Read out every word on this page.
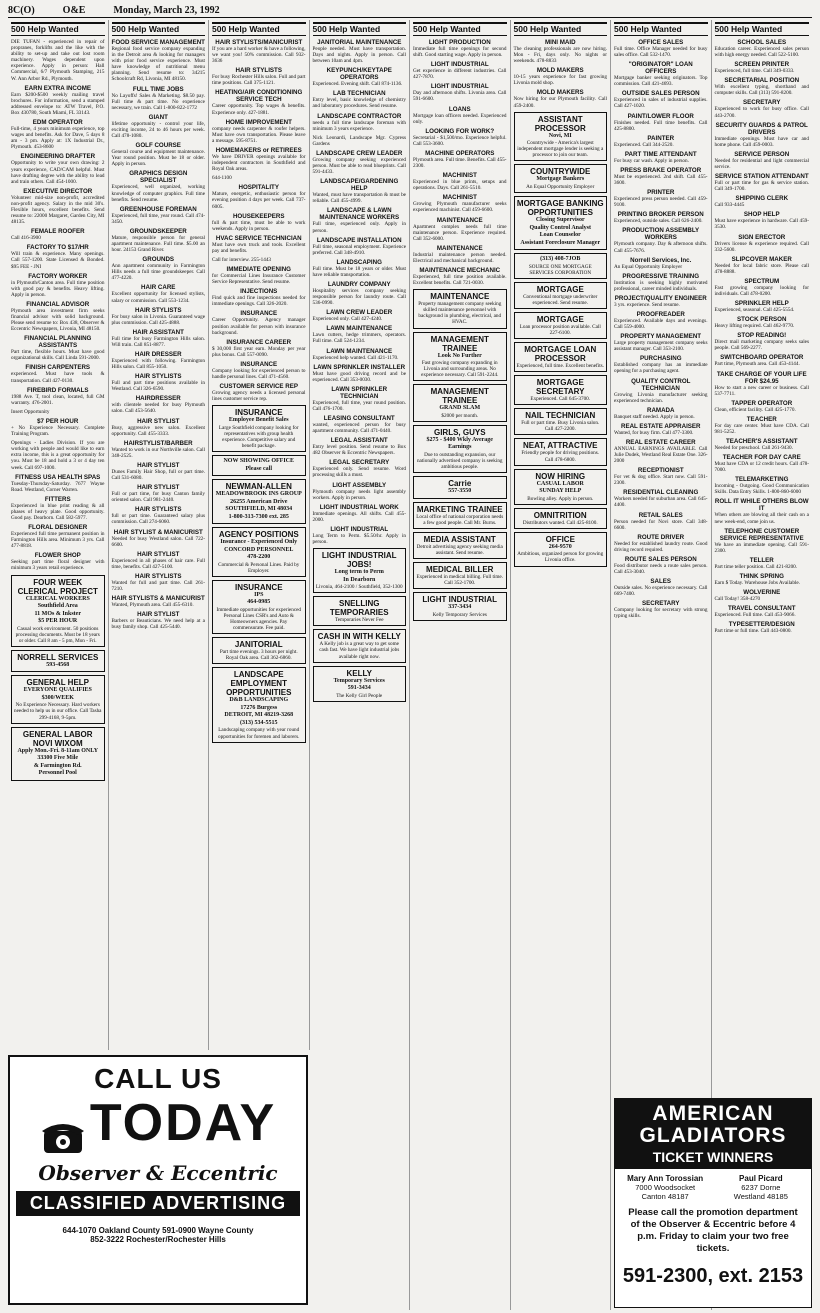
8C(O)	O&E	Monday, March 23, 1992
500 Help Wanted

DIE TUFAN - experienced in repair of propranes, forklifts and the like with the ability to set-up and take out lost room machinery. Wages dependent upon experience. Apply in person: Hall Commercial, 6/7 Plymouth Stamping, 215 W. Ann Arbor Rd., Plymouth.

EARN EXTRA INCOME

Earn $200-$500 weekly mailing travel brochures. For information, send a stamped addressed envelope to: ATW Travel, P.O. Box 430780, South Miami, FL 33143.

EDM OPERATOR

Full-time, 4 years minimum experience, top wages and benefits. Ask for Dave, 5 days 8 am - 3 pm. Apply at: 1X Industrial Dr., Plymouth. 453-8600

ENGINEERING DRAFTER

Opportunity to write your own drawing: 2 years experience, CAD/CAM helpful. Must have drafting degree with the ability to lead and train others. Call 454-1000.

EXECUTIVE DIRECTOR

Volunteer mid-size non-profit, accredited non-profit agency. Salary in the mid 30's. Flexible hours, excellent benefits. Send resume to: 22000 Margaret, Garden City, MI 48135.

FEMALE ROOFER

Call 416-3900

FACTORY TO $17/HR

Will train & experience. Many openings. Call 557-1200. State Licensed & Bonded. $95 FEE - JNI

FACTORY WORKER

in Plymouth/Canton area. Full time position with good pay & benefits. Heavy lifting. Apply in person.

FINANCIAL ADVISOR

Plymouth area investment firm seeks financial advisor with solid background. Please send resume to: Box 438, Observer & Eccentric Newspapers, Livonia, MI 48150.

FINANCIAL PLANNING ASSISTANTS

Part time, flexible hours. Must have good organizational skills. Call Linda 591-2000.

FINISH CARPENTERS

experienced. Must have tools & transportation. Call 427-0130.

FIREBIRD FORMALS

1988 Ave. T, tool clean, located, full GM warranty. 476-2001.

Insert Opportunity

$7 PER HOUR

+ No Experience Necessary. Complete Training Program.

Openings - Ladies Division. If you are working with people and would like to earn extra income, this is a great opportunity for you. Must be 18 and hold a 3 or 4 day ten week. Call 697-1000.

FITNESS USA HEALTH SPAS

Tuesday-Thursday-Saturday. 7677 Wayne Road. Westland, Corner Warren.

FITTERS

Experienced in blue print reading & all phases of heavy plate. Good opportunity. Good pay. Dearborn. Call 582-5977.

FLORAL DESIGNER

Experienced full time permanent position in Farmington Hills area. Minimum 3 yrs. Call 477-8818.

FLOWER SHOP

Seeking part time floral designer with minimum 3 years retail experience.

FOUR WEEK CLERICAL PROJECT
CLERICAL WORKERS
Southfield Area
11 MOs & Inkster
$5 PER HOUR
Casual work environment. 50 positions processing documents. Must be 18 years or older. Call 8 am - 5 pm, Mon - Fri.
NORRELL SERVICES
593-4568
GENERAL HELP
EVERYONE QUALIFIES
$300/WEEK
No Experience Necessary. Hard workers needed to help us in our office. Call Tasha 299-4168, 9-5pm.
GENERAL LABOR NOVI WIXOM
Apply Mon.-Fri. 8-11am ONLY
33300 Five Mile
& Farmington Rd.
Personnel Pool
500 Help Wanted
FOOD SERVICE MANAGEMENT

Regional food service company expanding in the Detroit area & looking for managers with prior food service experience. Must have knowledge of nutritional menu planning. Send resume to: 34215 Schoolcraft Rd, Livonia, MI 48150.

FULL TIME JOBS

No Layoffs! Sales & Marketing. $8.50 pay. Full time & part time. No experience necessary, we train. Call 1-800-822-1772

GIANT

lifetime opportunity - control your life, exciting income, 24 to 46 hours per week. Call 478-1080.

GOLF COURSE

General course and equipment maintenance. Year round position. Must be 18 or older. Apply in person.

GRAPHICS DESIGN SPECIALIST

Experienced, well organized, working knowledge of computer graphics. Full time benefits. Send resume.

GREENHOUSE FOREMAN

Experienced, full time, year round. Call 474-3450.

GROUNDSKEEPER

Mature, responsible person for general apartment maintenance. Full time. $5.00 an hour. 24153 Grand River.

GROUNDS

Ann apartment community in Farmington Hills needs a full time groundskeeper. Call 477-4220.

HAIR CARE

Excellent opportunity for licensed stylists, salary or commission. Call 553-1234.

HAIR STYLISTS

For busy salon in Livonia. Guaranteed wage plus commission. Call 425-4888.

HAIR ASSISTANT

Full time for busy Farmington Hills salon. Will train. Call 851-8877.

HAIR DRESSER

Experienced with following. Farmington Hills salon. Call 855-1050.

HAIR STYLISTS

Full and part time positions available in Westland. Call 326-6590.

HAIRDRESSER

with clientele needed for busy Plymouth salon. Call 453-5640.

HAIR STYLIST

Busy, aggressive new salon. Excellent opportunity. Call 455-3333.

HAIRSTYLIST/BARBER

Wanted to work in our Northville salon. Call 348-2525.

HAIR STYLIST

Dunes Family Hair Shop, full or part time. Call 531-6080.

HAIR STYLIST

Full or part time, for busy Canton family oriented salon. Call 981-2440.

HAIR STYLISTS

full or part time. Guaranteed salary plus commission. Call 274-6060.

HAIR STYLIST & MANICURIST

Needed for busy Westland salon. Call 722-6600.

HAIR STYLIST

Experienced in all phases of hair care. Full time, benefits. Call 427-5100.

HAIR STYLISTS

Wanted for full and part time. Call 261-7210.

HAIR STYLISTS & MANICURIST

Wanted, Plymouth area. Call 455-6310.

HAIR STYLIST

Barbers or Beauticians. We need help at a busy family shop. Call 425-5440.

500 Help Wanted
HAIR STYLISTS/MANICURIST

If you are a hard worker & have a following, we want you! 50% commission. Call 932-3636

HAIR STYLISTS

For busy Rochester Hills salon. Full and part time positions. Call 375-1121.

HEATING/AIR CONDITIONING SERVICE TECH

Career opportunity. Top wages & benefits. Experience only. 427-1881.

HOME IMPROVEMENT

company needs carpenter & roofer helpers. Must have own transportation. Please leave a message. 595-8751.

HOMEMAKERS or RETIREES

We have DRIVER openings available for independent contractors in Southfield and Royal Oak areas.

644-1100

HOSPITALITY

Mature, energetic, enthusiastic person for evening position 4 days per week. Call 737-6005.

HOUSEKEEPERS

full & part time, must be able to work weekends. Apply in person.

HVAC SERVICE TECHNICIAN

Must have own truck and tools. Excellent pay and benefits.

Call for interview. 255-1443

IMMEDIATE OPENING

for Commercial Lines Insurance Customer Service Representative. Send resume.

INJECTIONS

Find quick and fine inspections needed for immediate openings. Call 326-2020.

INSURANCE

Career Opportunity. Agency manager position available for person with insurance background.

INSURANCE CAREER

$ 30,000 first year earn. Monday per year plus bonus. Call 557-0090.

INSURANCE

Company looking for experienced person to handle personal lines. Call 471-4560.

CUSTOMER SERVICE REP

Growing agency needs a licensed personal lines customer service rep.

INSURANCE
Employee Benefit Sales
Large Southfield company looking for representatives with group health experience. Competitive salary and benefit package.
NOW SHOWING OFFICE
Please call
NEWMAN-ALLEN
MEADOWBROOK INS GROUP
26255 American Drive
SOUTHFIELD, MI 48034
1-800-313-7300 ext. 285
AGENCY POSITIONS
Insurance - Experienced Only
CONCORD PERSONNEL
478-2200
Commercial & Personal Lines. Paid by Employer.
INSURANCE
IPS
464-0985
Immediate opportunities for experienced Personal Lines CSR's and Auto & Homeowners agencies. Pay commensurate. Fee paid.
JANITORIAL
Part time evenings. 3 hours per night. Royal Oak area. Call 362-6860.
LANDSCAPE EMPLOYMENT OPPORTUNITIES
D&B LANDSCAPING
17276 Burgess
DETROIT, MI 48219-3268
(313) 534-5515
Landscaping company with year round opportunities for foremen and laborers.
500 Help Wanted
JANITORIAL MAINTENANCE

People needed. Must have transportation. Days and nights. Apply in person. Call between 10am and 4pm.

KEYPUNCH/KEYTAPE OPERATORS

Experienced. Evening shift. Call 874-1136.

LAB TECHNICIAN

Entry level, basic knowledge of chemistry and laboratory procedures. Send resume.

LANDSCAPE CONTRACTOR

needs a full time landscape foreman with minimum 3 years experience.

Nick Leonardi, Landscape Mgr. Cypress Gardens

LANDSCAPE CREW LEADER

Growing company seeking experienced person. Must be able to read blueprints. Call 591-4433.

LANDSCAPE/GARDENING HELP

Wanted, must have transportation & must be reliable. Call 455-4999.

LANDSCAPE & LAWN MAINTENANCE WORKERS

Full time, experienced only. Apply in person.

LANDSCAPE INSTALLATION

Full time, seasonal employment. Experience preferred. Call 348-4910.

LANDSCAPING

Full time. Must be 18 years or older. Must have reliable transportation.

LAUNDRY COMPANY

Hospitality services company seeking responsible person for laundry route. Call 536-0990.

LAWN CREW LEADER

Experienced only. Call 427-4240.

LAWN MAINTENANCE

Lawn cutters, hedge trimmers, operators. Full time. Call 524-1234.

LAWN MAINTENANCE

Experienced help wanted. Call 421-1170.

LAWN SPRINKLER INSTALLER

Must have good driving record and be experienced. Call 353-0030.

LAWN SPRINKLER TECHNICIAN

Experienced, full time, year round position. Call 476-1700.

LEASING CONSULTANT

wanted, experienced person for busy apartment community. Call 471-0440.

LEGAL ASSISTANT

Entry level position. Send resume to Box 482 Observer & Eccentric Newspapers.

LEGAL SECRETARY

Experienced only. Send resume. Word processing skills a must.

LIGHT ASSEMBLY

Plymouth company needs light assembly workers. Apply in person.

LIGHT INDUSTRIAL WORK

Immediate openings. All shifts. Call 455-2000.

LIGHT INDUSTRIAL

Long Term to Perm. $5.50/hr. Apply in person.

LIGHT INDUSTRIAL JOBS!
Long term to Perm
In Dearborn
Livonia, 464-2100 / Southfield, 352-1300
SNELLING TEMPORARIES
Temporaries Never Fee
CASH IN WITH KELLY
A Kelly job is a great way to get some cash fast. We have light industrial jobs available right now.
KELLY
Temporary Services
591-3434
The Kelly Girl People
500 Help Wanted
LIGHT PRODUCTION

Immediate full time openings for second shift. Good starting wage. Apply in person.

LIGHT INDUSTRIAL

Get experience in different industries. Call 427-7870.

LIGHT INDUSTRIAL

Day and afternoon shifts. Livonia area. Call 591-6600.

LOANS

Mortgage loan officers needed. Experienced only.

LOOKING FOR WORK?

Secretarial - $1,500/mo. Experience helpful. Call 553-3600.

MACHINE OPERATORS

Plymouth area. Full time. Benefits. Call 455-2300.

MACHINIST

Experienced in blue prints, setups and operations. Days. Call 261-5510.

MACHINIST

Growing Plymouth manufacturer seeks experienced machinist. Call 459-6600.

MAINTENANCE

Apartment complex needs full time maintenance person. Experience required. Call 352-6000.

MAINTENANCE

Industrial maintenance person needed. Electrical and mechanical background.

MAINTENANCE MECHANIC

Experienced, full time position available. Excellent benefits. Call 721-0030.

MAINTENANCE
Property management company seeking skilled maintenance personnel with background in plumbing, electrical, and HVAC.
MANAGEMENT TRAINEE
Look No Further
Fast growing company expanding in Livonia and surrounding areas. No experience necessary. Call 591-2244.
MANAGEMENT TRAINEE
GRAND SLAM
$2000 per month.
GIRLS, GUYS
$275 - $400 Wkly Average Earnings
Due to outstanding expansion, our nationally advertised company is seeking ambitious people.
Carrie
557-3550
MARKETING TRAINEE
Local office of national corporation needs a few good people. Call Mr. Burns.
MEDIA ASSISTANT
Detroit advertising agency seeking media assistant. Send resume.
MEDICAL BILLER
Experienced in medical billing. Full time. Call 352-1700.
LIGHT INDUSTRIAL
337-3434
Kelly Temporary Services
500 Help Wanted
MINI MAID

The cleaning professionals are now hiring. Mon - Fri, days only. No nights or weekends. 478-8833

MOLD MAKERS

10-15 years experience for fast growing Livonia mold shop.

MOLD MAKERS

Now hiring for our Plymouth facility. Call 459-2400.

ASSISTANT PROCESSOR
Novi, MI
Countrywide - America's largest independent mortgage lender is seeking a processor to join our team.
COUNTRYWIDE
Mortgage Bankers
An Equal Opportunity Employer
MORTGAGE BANKING OPPORTUNITIES
Closing Supervisor
Quality Control Analyst
Loan Counselor
Assistant Foreclosure Manager
(313) 408-7JOB
SOURCE ONE MORTGAGE SERVICES CORPORATION
MORTGAGE
Conventional mortgage underwriter experienced. Send resume.
MORTGAGE
Loan processor position available. Call 227-6100.
MORTGAGE LOAN PROCESSOR
Experienced, full time. Excellent benefits.
MORTGAGE SECRETARY
Experienced. Call 645-3700.
NAIL TECHNICIAN
Full or part time. Busy Livonia salon. Call 427-2200.
NEAT, ATTRACTIVE
Friendly people for driving positions. Call 478-6800.
NOW HIRING
CASUAL LABOR
SUNDAY HELP
Bowling alley. Apply in person.
OMNITRITION
Distributors wanted. Call 425-8100.
OFFICE
264-9570
Ambitious, organized person for growing Livonia office.
500 Help Wanted
OFFICE SALES

Full time. Office Manager needed for busy sales office. Call 532-1470.

"ORIGINATOR" LOAN OFFICERS

Mortgage banker seeking originators. Top commission. Call 421-4693.

OUTSIDE SALES PERSON

Experienced in sales of industrial supplies. Call 427-1020.

PAINT/LOWER FLOOR

Finishes needed. Full time benefits. Call 425-8800.

PAINTER

Experienced. Call 344-2520.

PART TIME ATTENDANT

For busy car wash. Apply in person.

PRESS BRAKE OPERATOR

Must be experienced. 2nd shift. Call 455-3600.

PRINTER

Experienced press person needed. Call 459-9100.

PRINTING BROKER PERSON

Experienced, outside sales. Call 626-2400.

PRODUCTION ASSEMBLY WORKERS

Plymouth company. Day & afternoon shifts. Call 455-7676.

Norrell Services, Inc.

An Equal Opportunity Employer

PROGRESSIVE TRAINING

Institution is seeking highly motivated professional, career minded individuals.

PROJECT/QUALITY ENGINEER

3 yrs. experience. Send resume.

PROOFREADER

Experienced. Available days and evenings. Call 559-4000.

PROPERTY MANAGEMENT

Large property management company seeks assistant manager. Call 353-2100.

PURCHASING

Established company has an immediate opening for a purchasing agent.

QUALITY CONTROL TECHNICIAN

Growing Livonia manufacturer seeking experienced technician.

RAMADA

Banquet staff needed. Apply in person.

REAL ESTATE APPRAISER

Wanted, for busy firm. Call 477-3300.

REAL ESTATE CAREER

ANNUAL EARNINGS AVAILABLE. Call Julie Dudek, Westland Real Estate One. 326-2000

RECEPTIONIST

For vet & dog office. Start now. Call 591-2300.

RESIDENTIAL CLEANING

Workers needed for suburban area. Call 645-4400.

RETAIL SALES

Person needed for Novi store. Call 348-6600.

ROUTE DRIVER

Needed for established laundry route. Good driving record required.

ROUTE SALES PERSON

Food distributor needs a route sales person. Call 453-3040.

SALES

Outside sales. No experience necessary. Call 669-7400.

SECRETARY

Company looking for secretary with strong typing skills.

500 Help Wanted
SCHOOL SALES

Education career. Experienced sales person with high energy needed. Call 522-5100.

SCREEN PRINTER

Experienced, full time. Call 349-0333.

SECRETARIAL POSITION

With excellent typing, shorthand and computer skills. Call (313) 591-8200.

SECRETARY

Experienced to work for busy office. Call 443-2700.

SECURITY GUARDS & PATROL DRIVERS

Immediate openings. Must have car and home phone. Call 459-0003.

SERVICE PERSON

Needed for residential and light commercial service.

SERVICE STATION ATTENDANT

Full or part time for gas & service station. Call 349-1700.

SHIPPING CLERK

Call 933-4445

SHOP HELP

Must have experience in hardware. Call 459-3530.

SIGN ERECTOR

Drivers license & experience required. Call 332-5600.

SLIPCOVER MAKER

Needed for local fabric store. Please call 478-8888.

SPECTRUM

Fast growing company looking for individuals. Call 478-0200.

SPRINKLER HELP

Experienced, seasonal. Call 425-5554.

STOCK PERSON

Heavy lifting required. Call 462-9770.

STOP READING!

Direct mail marketing company seeks sales people. Call 569-2277.

SWITCHBOARD OPERATOR

Part time, Plymouth area. Call 453-4144.

TAKE CHARGE OF YOUR LIFE FOR $24.95

How to start a new career or business. Call 537-7711.

TAPPER OPERATOR

Clean, efficient facility. Call 425-1770.

TEACHER

For day care center. Must have CDA. Call 981-5252.

TEACHER'S ASSISTANT

Needed for preschool. Call 261-9430.

TEACHER FOR DAY CARE

Must have CDA or 12 credit hours. Call 478-7000.

TELEMARKETING

Incoming - Outgoing. Good Communication Skills. Data Entry Skills. 1-800-860-6000

ROLL IT WHILE OTHERS BLOW IT

When others are blowing all their cash on a new week-end, come join us.

TELEPHONE CUSTOMER SERVICE REPRESENTATIVE

We have an immediate opening. Call 591-2300.

TELLER

Part time teller position. Call 421-8200.

THINK SPRING

Earn $ Today. Warehouse Jobs Available.

WOLVERINE

Call Today! 358-4270

TRAVEL CONSULTANT

Experienced. Full time. Call 453-9066.

TYPESETTER/DESIGN

Part time or full time. Call 443-0800.

CALL US
TODAY
Observer & Eccentric
CLASSIFIED ADVERTISING
644-1070 Oakland County 591-0900 Wayne County
852-3222 Rochester/Rochester Hills
AMERICAN
GLADIATORS
TICKET WINNERS
Mary Ann Torossian
7000 Woodsocket
Canton 48187
Paul Picard
6237 Dorne
Westland 48185
Please call the promotion department of the Observer & Eccentric before 4 p.m. Friday to claim your two free tickets.
591-2300, ext. 2153
